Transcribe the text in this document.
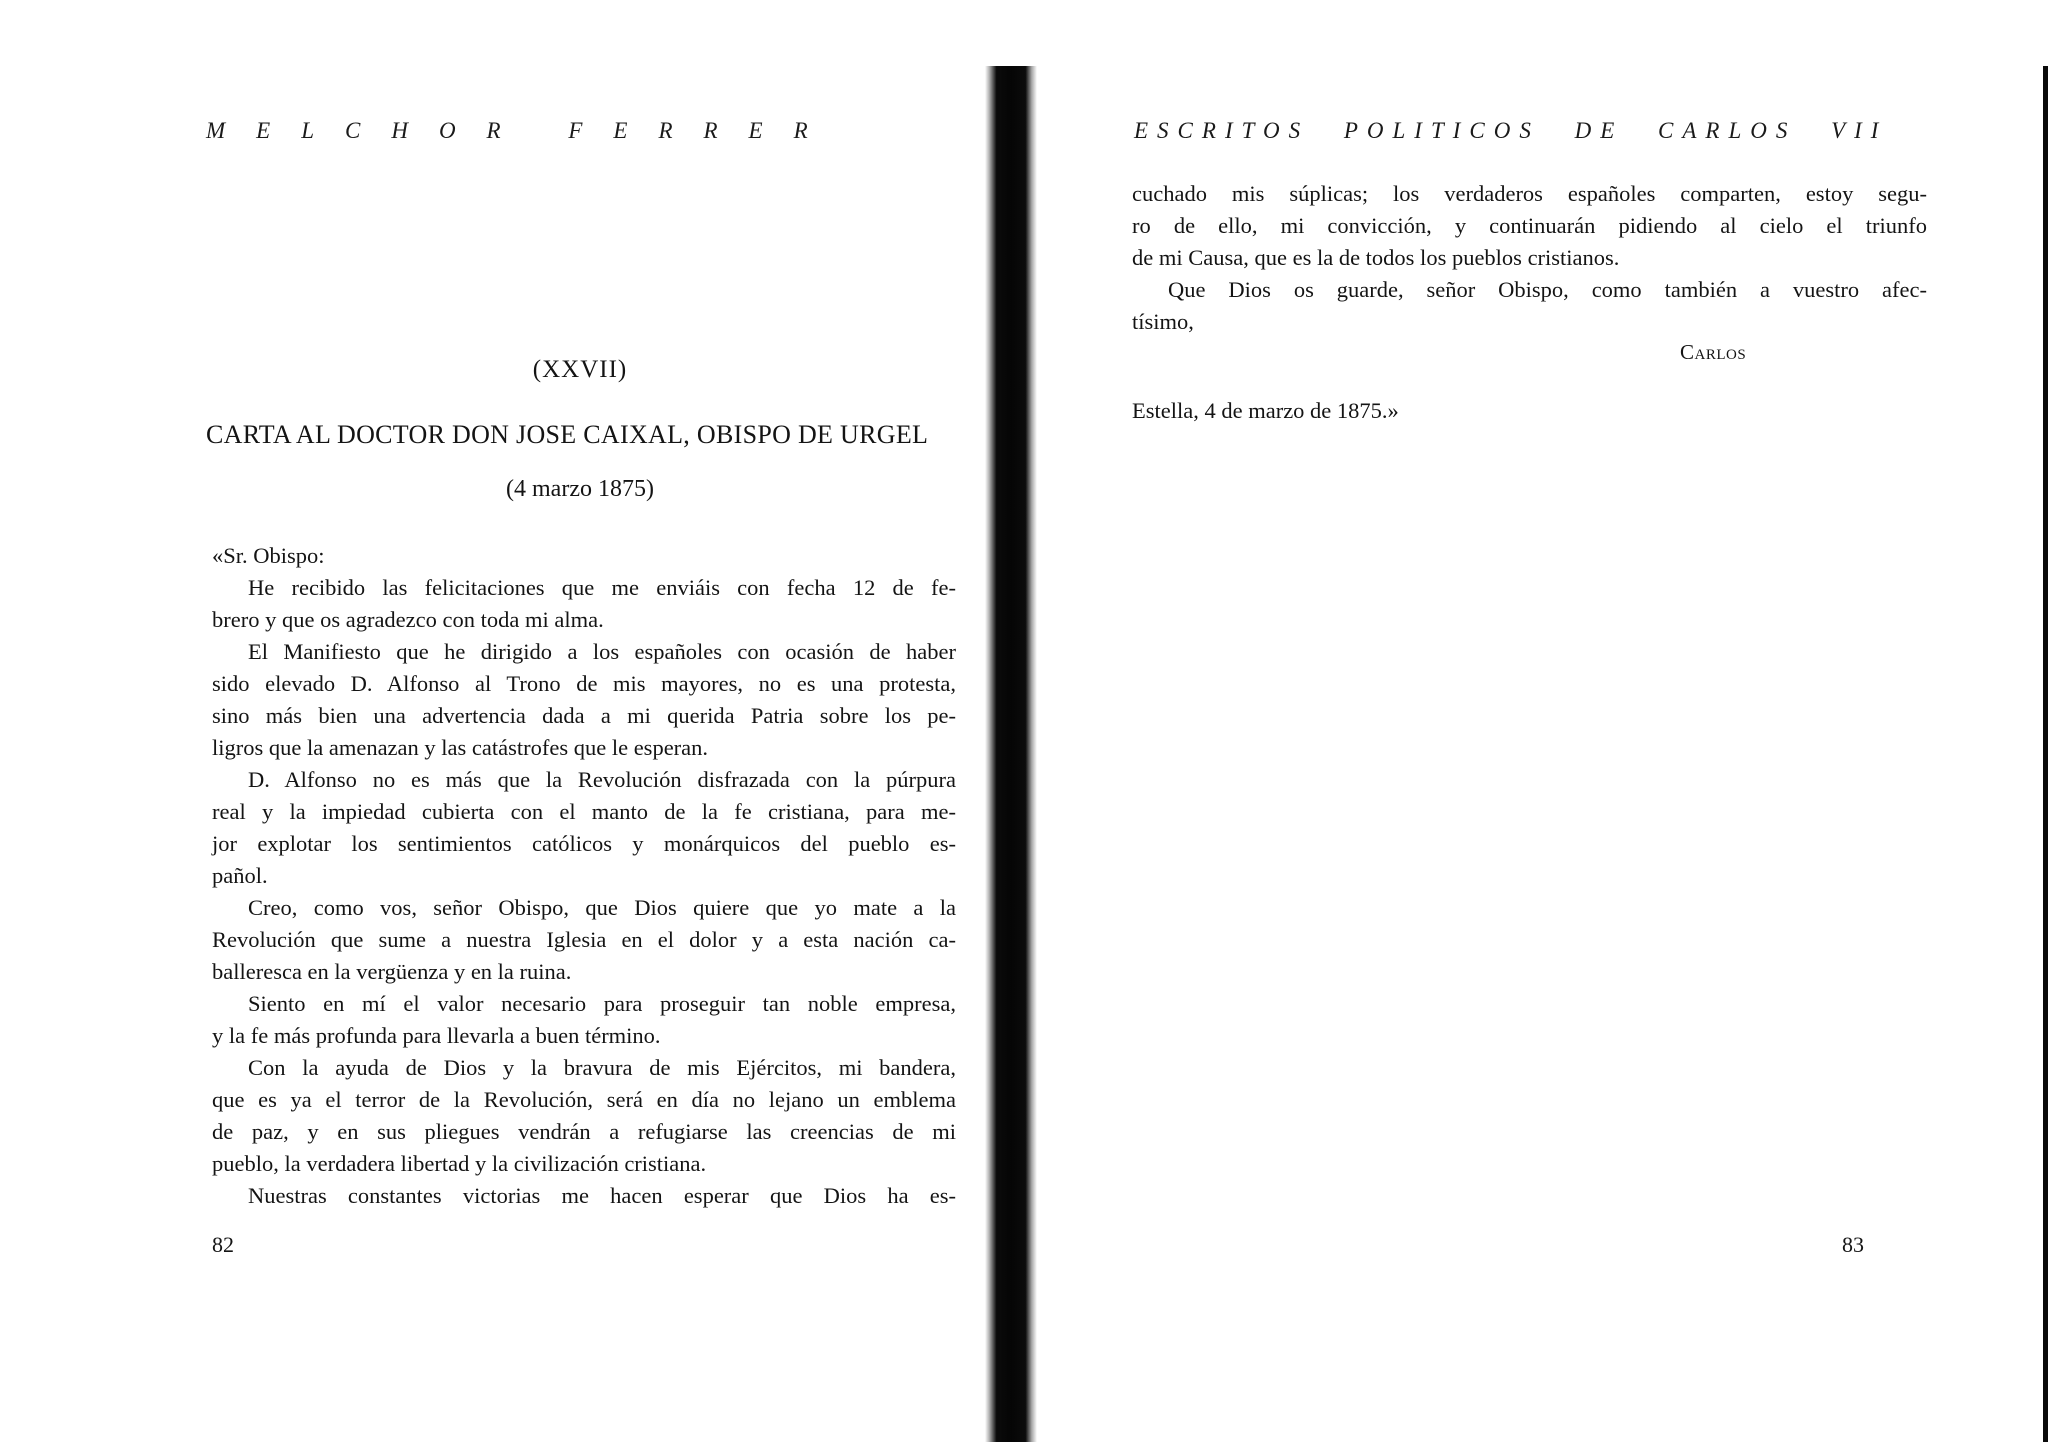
MELCHOR FERRER
(XXVII)
CARTA AL DOCTOR DON JOSE CAIXAL, OBISPO DE URGEL
(4 marzo 1875)
«Sr. Obispo:
He recibido las felicitaciones que me enviáis con fecha 12 de fe-
brero y que os agradezco con toda mi alma.
El Manifiesto que he dirigido a los españoles con ocasión de haber
sido elevado D. Alfonso al Trono de mis mayores, no es una protesta,
sino más bien una advertencia dada a mi querida Patria sobre los pe-
ligros que la amenazan y las catástrofes que le esperan.
D. Alfonso no es más que la Revolución disfrazada con la púrpura
real y la impiedad cubierta con el manto de la fe cristiana, para me-
jor explotar los sentimientos católicos y monárquicos del pueblo es-
pañol.
Creo, como vos, señor Obispo, que Dios quiere que yo mate a la
Revolución que sume a nuestra Iglesia en el dolor y a esta nación ca-
balleresca en la vergüenza y en la ruina.
Siento en mí el valor necesario para proseguir tan noble empresa,
y la fe más profunda para llevarla a buen término.
Con la ayuda de Dios y la bravura de mis Ejércitos, mi bandera,
que es ya el terror de la Revolución, será en día no lejano un emblema
de paz, y en sus pliegues vendrán a refugiarse las creencias de mi
pueblo, la verdadera libertad y la civilización cristiana.
Nuestras constantes victorias me hacen esperar que Dios ha es-
82
ESCRITOS POLITICOS DE CARLOS VII
cuchado mis súplicas; los verdaderos españoles comparten, estoy segu-
ro de ello, mi convicción, y continuarán pidiendo al cielo el triunfo
de mi Causa, que es la de todos los pueblos cristianos.
Que Dios os guarde, señor Obispo, como también a vuestro afec-
tísimo,
Carlos
Estella, 4 de marzo de 1875.»
83
